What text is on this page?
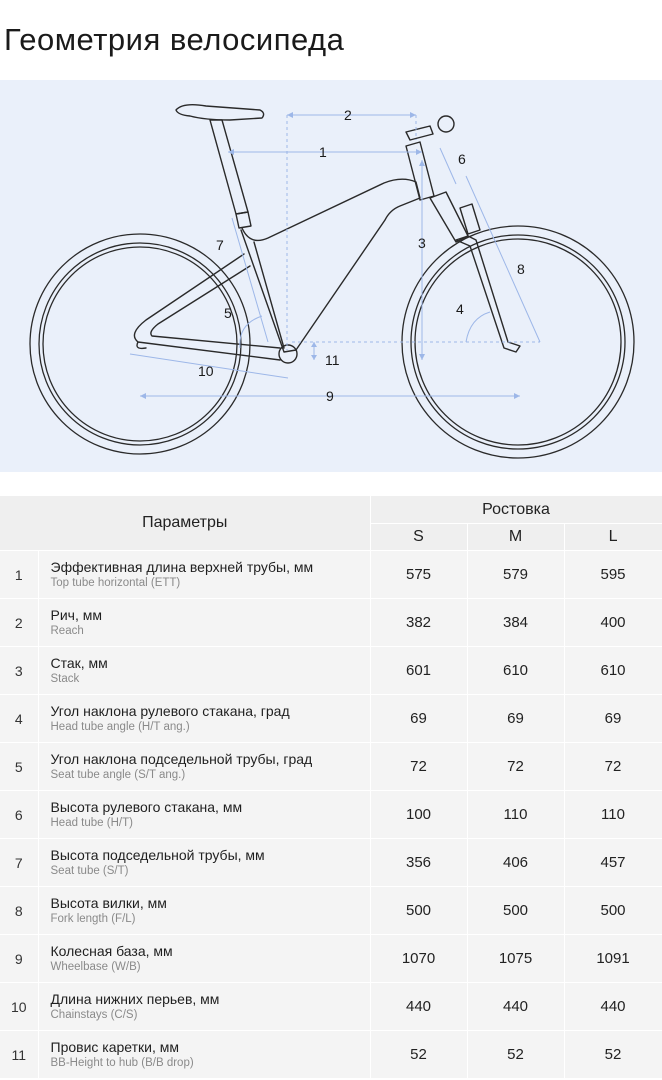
Геометрия велосипеда
1
2
3
4
5
6
7
8
9
10
11
Параметры		Ростовка		
		S	M	L
1	Эффективная длина верхней трубы, мм
Top tube horizontal (ETT)	575	579	595
2	Рич, мм
Reach	382	384	400
3	Стак, мм
Stack	601	610	610
4	Угол наклона рулевого стакана, град
Head tube angle (H/T ang.)	69	69	69
5	Угол наклона подседельной трубы, град
Seat tube angle (S/T ang.)	72	72	72
6	Высота рулевого стакана, мм
Head tube (H/T)	100	110	110
7	Высота подседельной трубы, мм
Seat tube (S/T)	356	406	457
8	Высота вилки, мм
Fork length (F/L)	500	500	500
9	Колесная база, мм
Wheelbase (W/B)	1070	1075	1091
10	Длина нижних перьев, мм
Chainstays (C/S)	440	440	440
11	Провис каретки, мм
BB-Height to hub (B/B drop)	52	52	52
